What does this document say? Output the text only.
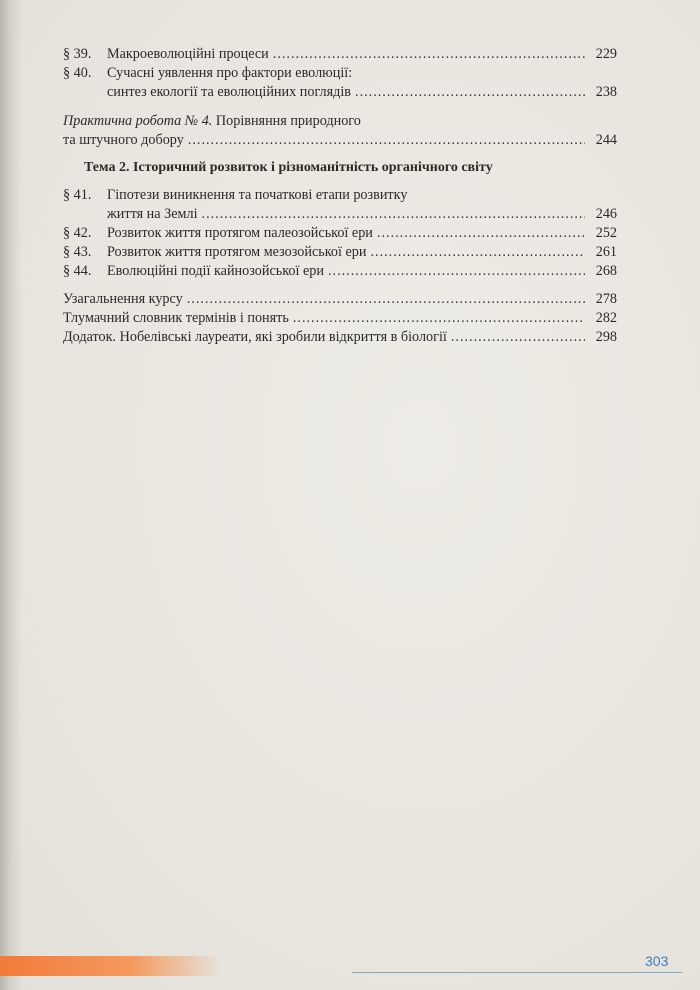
§ 39.	Макроеволюційні процеси .....	229
§ 40.	Сучасні уявлення про фактори еволюції:
синтез екології та еволюційних поглядів .....	238
Практична робота № 4. Порівняння природного
та штучного добору .....	244
Тема 2. Історичний розвиток і різноманітність органічного світу
§ 41.	Гіпотези виникнення та початкові етапи розвитку
життя на Землі .....	246
§ 42.	Розвиток життя протягом палеозойської ери .....	252
§ 43.	Розвиток життя протягом мезозойської ери .....	261
§ 44.	Еволюційні події кайнозойської ери .....	268
Узагальнення курсу .....	278
Тлумачний словник термінів і понять .....	282
Додаток. Нобелівські лауреати, які зробили відкриття в біології .....	298
303
